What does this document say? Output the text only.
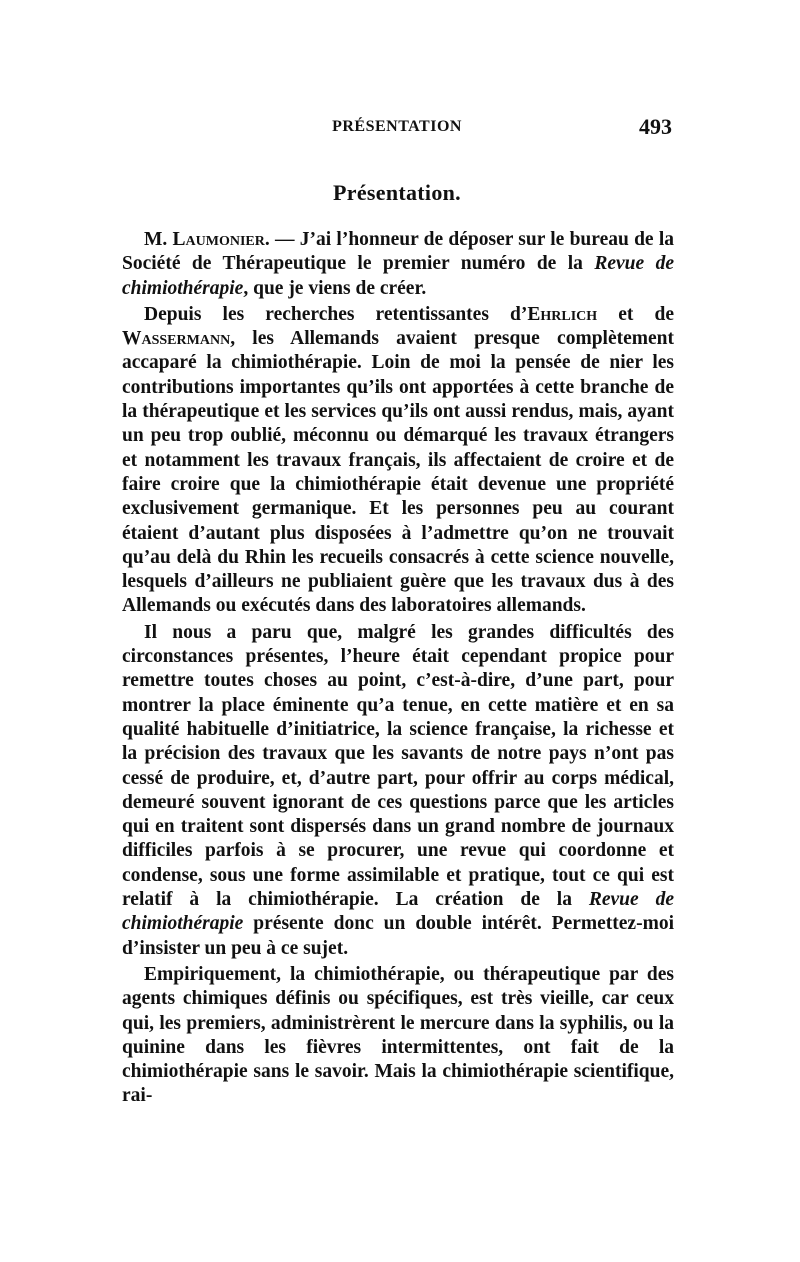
PRÉSENTATION	493
Présentation.

M. Laumonier. — J’ai l’honneur de déposer sur le bureau de la Société de Thérapeutique le premier numéro de la Revue de chimiothérapie, que je viens de créer.

Depuis les recherches retentissantes d’Ehrlich et de Wassermann, les Allemands avaient presque complètement accaparé la chimiothérapie. Loin de moi la pensée de nier les contributions importantes qu’ils ont apportées à cette branche de la thérapeutique et les services qu’ils ont aussi rendus, mais, ayant un peu trop oublié, méconnu ou démarqué les travaux étrangers et notamment les travaux français, ils affectaient de croire et de faire croire que la chimiothérapie était devenue une propriété exclusivement germanique. Et les personnes peu au courant étaient d’autant plus disposées à l’admettre qu’on ne trouvait qu’au delà du Rhin les recueils consacrés à cette science nouvelle, lesquels d’ailleurs ne publiaient guère que les travaux dus à des Allemands ou exécutés dans des laboratoires allemands.

Il nous a paru que, malgré les grandes difficultés des circonstances présentes, l’heure était cependant propice pour remettre toutes choses au point, c’est-à-dire, d’une part, pour montrer la place éminente qu’a tenue, en cette matière et en sa qualité habituelle d’initiatrice, la science française, la richesse et la précision des travaux que les savants de notre pays n’ont pas cessé de produire, et, d’autre part, pour offrir au corps médical, demeuré souvent ignorant de ces questions parce que les articles qui en traitent sont dispersés dans un grand nombre de journaux difficiles parfois à se procurer, une revue qui coordonne et condense, sous une forme assimilable et pratique, tout ce qui est relatif à la chimiothérapie. La création de la Revue de chimiothérapie présente donc un double intérêt. Permettez-moi d’insister un peu à ce sujet.

Empiriquement, la chimiothérapie, ou thérapeutique par des agents chimiques définis ou spécifiques, est très vieille, car ceux qui, les premiers, administrèrent le mercure dans la syphilis, ou la quinine dans les fièvres intermittentes, ont fait de la chimiothérapie sans le savoir. Mais la chimiothérapie scientifique, rai-
